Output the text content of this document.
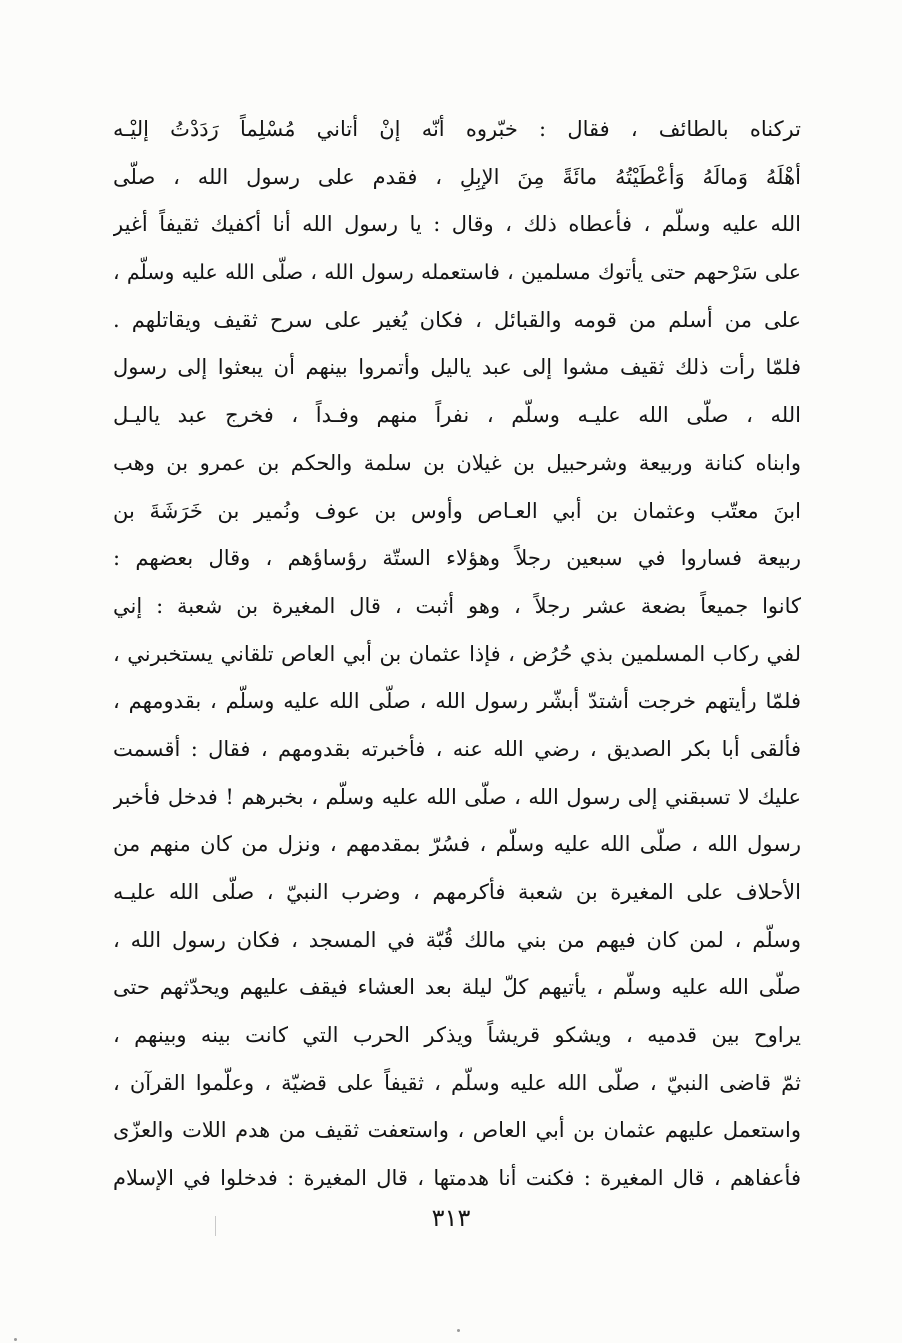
تركناه بالطائف ، فقال : خبّروه أنّه إنْ أتاني مُسْلِماً رَدَدْتُ إليْـه
أهْلَهُ وَمالَهُ وَأعْطَيْتُهُ مائَةً مِنَ الإبِلِ ، فقدم على رسول الله ، صلّى
الله عليه وسلّم ، فأعطاه ذلك ، وقال : يا رسول الله أنا أكفيك ثقيفاً أغير
على سَرْحهم حتى يأتوك مسلمين ، فاستعمله رسول الله ، صلّى الله عليه وسلّم ،
على من أسلم من قومه والقبائل ، فكان يُغير على سرح ثقيف ويقاتلهم .
فلمّا رأت ذلك ثقيف مشوا إلى عبد ياليل وأتمروا بينهم أن يبعثوا إلى رسول
الله ، صلّى الله عليـه وسلّم ، نفراً منهم وفـداً ، فخرج عبد ياليـل
وابناه كنانة وربيعة وشرحبيل بن غيلان بن سلمة والحكم بن عمرو بن وهب
ابنَ معتّب وعثمان بن أبي العـاص وأوس بن عوف ونُمير بن خَرَشَةَ بن
ربيعة فساروا في سبعين رجلاً وهؤلاء الستّة رؤساؤهم ، وقال بعضهم :
كانوا جميعاً بضعة عشر رجلاً ، وهو أثبت ، قال المغيرة بن شعبة : إني
لفي ركاب المسلمين بذي حُرُض ، فإذا عثمان بن أبي العاص تلقاني يستخبرني ،
فلمّا رأيتهم خرجت أشتدّ أبشّر رسول الله ، صلّى الله عليه وسلّم ، بقدومهم ،
فألقى أبا بكر الصديق ، رضي الله عنه ، فأخبرته بقدومهم ، فقال : أقسمت
عليك لا تسبقني إلى رسول الله ، صلّى الله عليه وسلّم ، بخبرهم ! فدخل فأخبر
رسول الله ، صلّى الله عليه وسلّم ، فسُرّ بمقدمهم ، ونزل من كان منهم من
الأحلاف على المغيرة بن شعبة فأكرمهم ، وضرب النبيّ ، صلّى الله عليـه
وسلّم ، لمن كان فيهم من بني مالك قُبّة في المسجد ، فكان رسول الله ،
صلّى الله عليه وسلّم ، يأتيهم كلّ ليلة بعد العشاء فيقف عليهم ويحدّثهم حتى
يراوح بين قدميه ، ويشكو قريشاً ويذكر الحرب التي كانت بينه وبينهم ،
ثمّ قاضى النبيّ ، صلّى الله عليه وسلّم ، ثقيفاً على قضيّة ، وعلّموا القرآن ،
واستعمل عليهم عثمان بن أبي العاص ، واستعفت ثقيف من هدم اللات والعزّى
فأعفاهم ، قال المغيرة : فكنت أنا هدمتها ، قال المغيرة : فدخلوا في الإسلام
٣١٣
